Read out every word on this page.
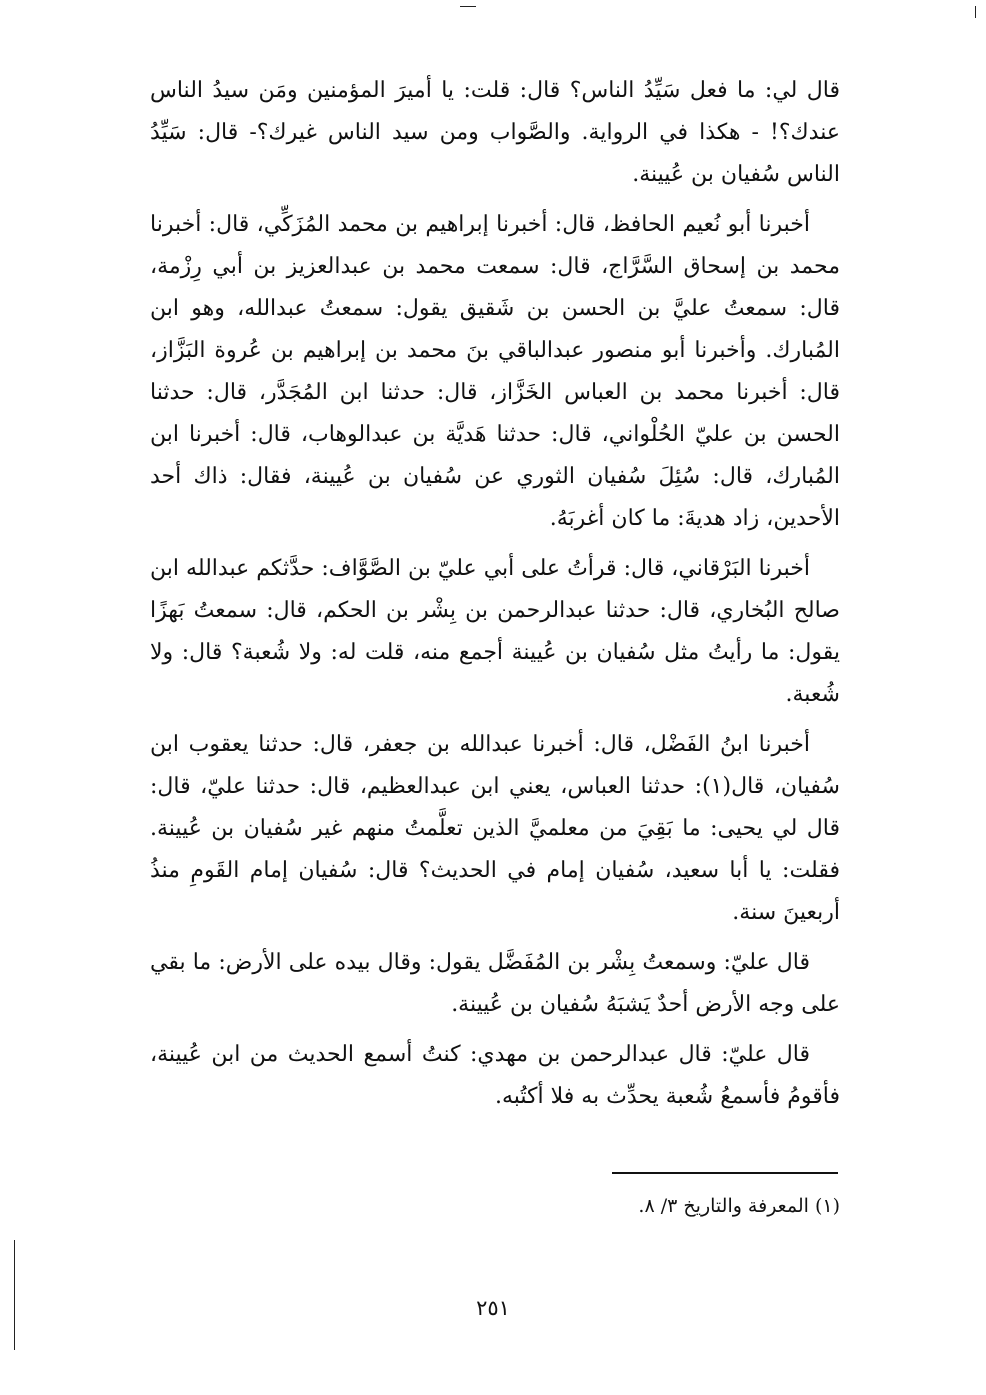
قال لي: ما فعل سَيِّدُ الناس؟ قال: قلت: يا أميرَ المؤمنين ومَن سيدُ الناس عندك؟! - هكذا في الرواية. والصَّواب ومن سيد الناس غيرك؟- قال: سَيِّدُ الناس سُفيان بن عُيينة.

أخبرنا أبو نُعيم الحافظ، قال: أخبرنا إبراهيم بن محمد المُزَكِّي، قال: أخبرنا محمد بن إسحاق السَّرَّاج، قال: سمعت محمد بن عبدالعزيز بن أبي رِزْمة، قال: سمعتُ عليَّ بن الحسن بن شَقيق يقول: سمعتُ عبدالله، وهو ابن المُبارك. وأخبرنا أبو منصور عبدالباقي بنَ محمد بن إبراهيم بن عُروة البَزَّاز، قال: أخبرنا محمد بن العباس الخَزَّاز، قال: حدثنا ابن المُجَدَّر، قال: حدثنا الحسن بن عليّ الحُلْواني، قال: حدثنا هَديَّة بن عبدالوهاب، قال: أخبرنا ابن المُبارك، قال: سُئِلَ سُفيان الثوري عن سُفيان بن عُيينة، فقال: ذاك أحد الأحدين، زاد هديةَ: ما كان أغربَهُ.

أخبرنا البَرْقاني، قال: قرأتُ على أبي عليّ بن الصَّوَّاف: حدَّثكم عبدالله ابن صالح البُخاري، قال: حدثنا عبدالرحمن بن بِشْر بن الحكم، قال: سمعتُ بَهزًا يقول: ما رأيتُ مثل سُفيان بن عُيينة أجمع منه، قلت له: ولا شُعبة؟ قال: ولا شُعبة.

أخبرنا ابنُ الفَضْل، قال: أخبرنا عبدالله بن جعفر، قال: حدثنا يعقوب ابن سُفيان، قال(١): حدثنا العباس، يعني ابن عبدالعظيم، قال: حدثنا عليّ، قال: قال لي يحيى: ما بَقِيَ من معلميَّ الذين تعلَّمتُ منهم غير سُفيان بن عُيينة. فقلت: يا أبا سعيد، سُفيان إمام في الحديث؟ قال: سُفيان إمام القَومِ منذُ أربعينَ سنة.

قال عليّ: وسمعتُ بِشْر بن المُفَضَّل يقول: وقال بيده على الأرض: ما بقي على وجه الأرض أحدٌ يَشبَهُ سُفيان بن عُيينة.

قال عليّ: قال عبدالرحمن بن مهدي: كنتُ أسمع الحديث من ابن عُيينة، فأقومُ فأسمعُ شُعبة يحدِّث به فلا أكتُبه.

(١) المعرفة والتاريخ ٣/ ٨.
٢٥١
